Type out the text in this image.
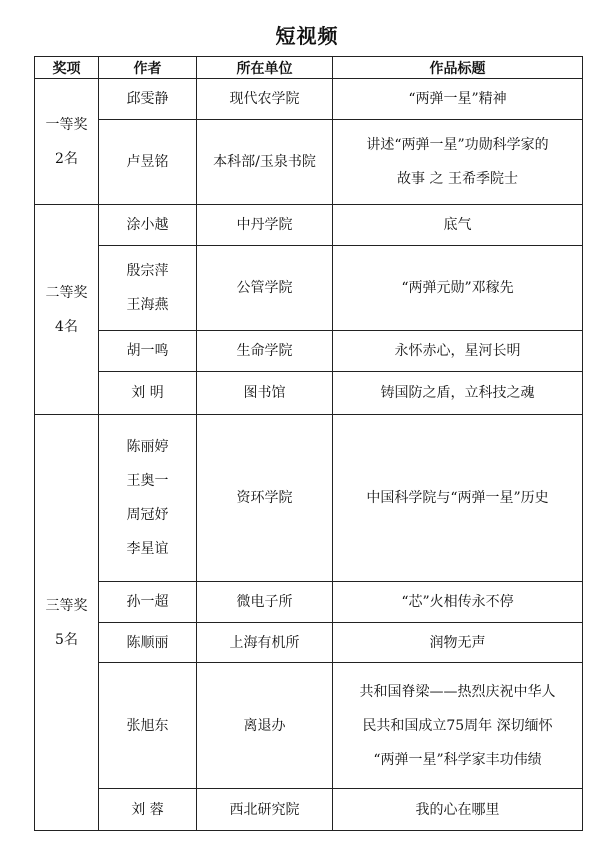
短视频
奖项	作者	所在单位	作品标题

一等奖
2名	邱雯静	现代农学院	“两弹一星”精神
	卢昱铭	本科部/玉泉书院	讲述“两弹一星”功勋科学家的
故事 之 王希季院士

二等奖
4名	涂小越	中丹学院	底气

	殷宗萍
王海燕	公管学院	“两弹元勋”邓稼先
	胡一鸣	生命学院	永怀赤心，星河长明
	刘 明	图书馆	铸国防之盾，立科技之魂

三等奖
5名	陈丽婷
王奥一
周冠妤
李星谊	资环学院	中国科学院与“两弹一星”历史
	孙一超	微电子所	“芯”火相传永不停
	陈顺丽	上海有机所	润物无声
	张旭东	离退办	共和国脊梁——热烈庆祝中华人
民共和国成立75周年 深切缅怀
“两弹一星”科学家丰功伟绩

	刘 蓉	西北研究院	我的心在哪里
